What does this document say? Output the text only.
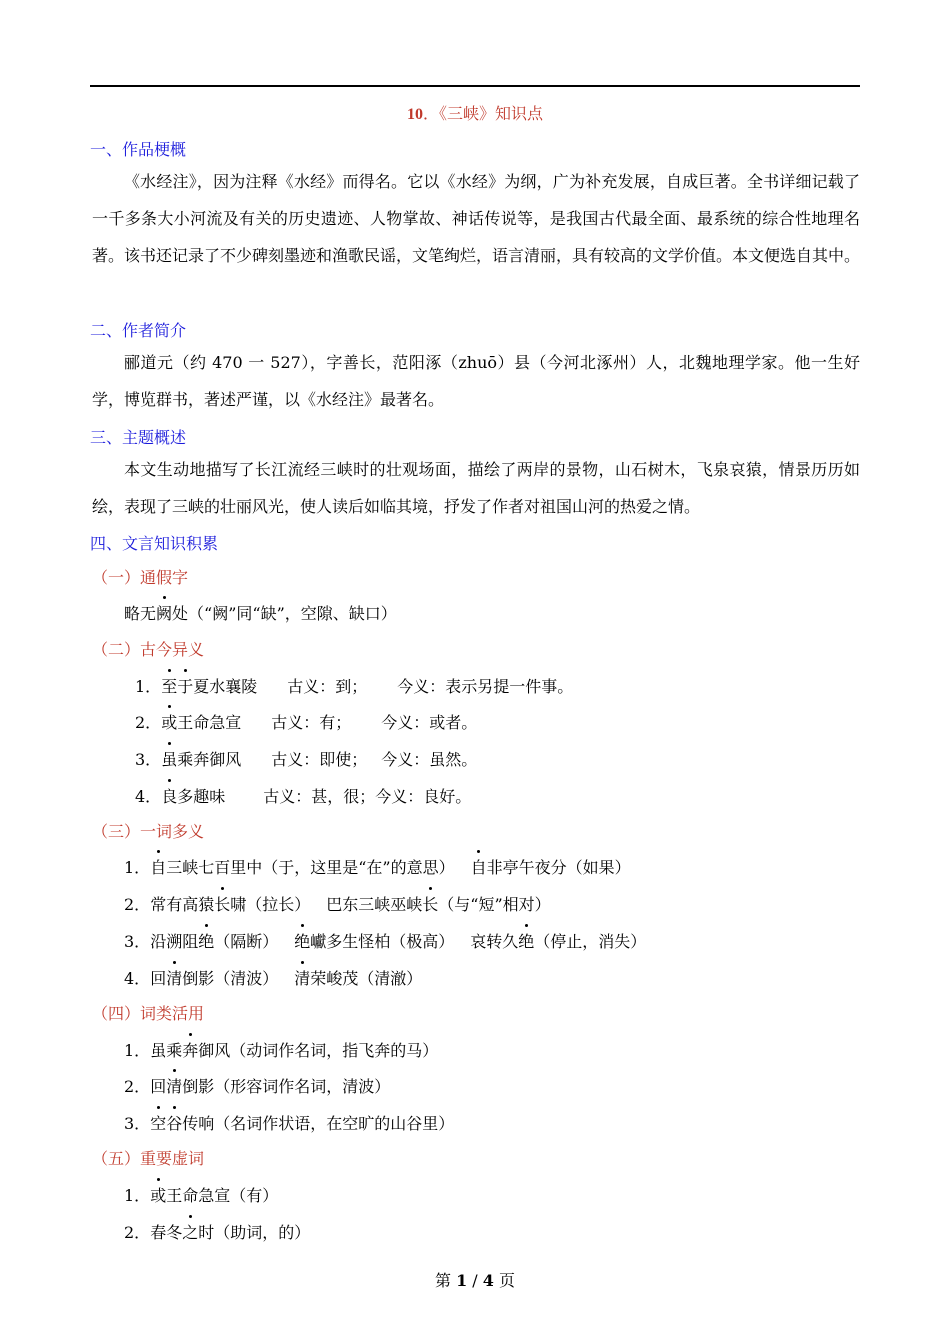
10．《三峡》知识点
一、作品梗概
《水经注》，因为注释《水经》而得名。它以《水经》为纲，广为补充发展，自成巨著。全书详细记载了一千多条大小河流及有关的历史遗迹、人物掌故、神话传说等，是我国古代最全面、最系统的综合性地理名著。该书还记录了不少碑刻墨迹和渔歌民谣，文笔绚烂，语言清丽，具有较高的文学价值。本文便选自其中。
二、作者简介
郦道元（约 470 一 527），字善长，范阳涿（zhuō）县（今河北涿州）人，北魏地理学家。他一生好学，博览群书，著述严谨，以《水经注》最著名。
三、主题概述
本文生动地描写了长江流经三峡时的壮观场面，描绘了两岸的景物，山石树木，飞泉哀猿，情景历历如绘，表现了三峡的壮丽风光，使人读后如临其境，抒发了作者对祖国山河的热爱之情。
四、文言知识积累
（一）通假字
略无阙处（“阙”同“缺”，空隙、缺口）
（二）古今异义
1．至于夏水襄陵 古义：到； 今义：表示另提一件事。
2．或王命急宣 古义：有； 今义：或者。
3．虽乘奔御风 古义：即使； 今义：虽然。
4．良多趣味 古义：甚，很；今义：良好。
（三）一词多义
1．自三峡七百里中（于，这里是“在”的意思） 自非亭午夜分（如果）
2．常有高猿长啸（拉长） 巴东三峡巫峡长（与“短”相对）
3．沿溯阻绝（隔断） 绝巘多生怪柏（极高） 哀转久绝（停止，消失）
4．回清倒影（清波） 清荣峻茂（清澈）
（四）词类活用
1．虽乘奔御风（动词作名词，指飞奔的马）
2．回清倒影（形容词作名词，清波）
3．空谷传响（名词作状语，在空旷的山谷里）
（五）重要虚词
1．或王命急宣（有）
2．春冬之时（助词，的）
第 1 / 4 页
